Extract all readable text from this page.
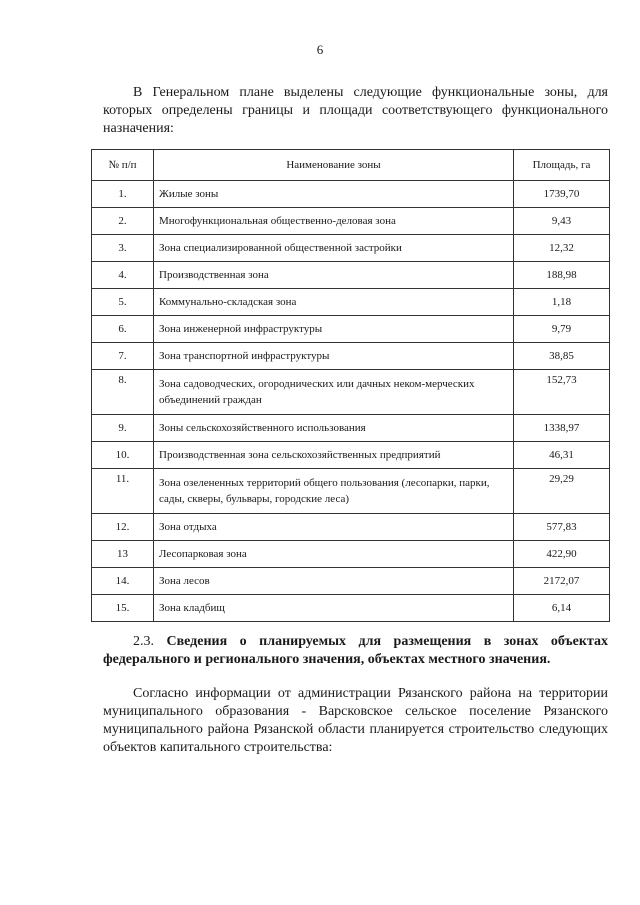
6

В Генеральном плане выделены следующие функциональные зоны, для которых определены границы и площади соответствующего функционального назначения:

№ п/п	Наименование зоны	Площадь, га
1.	Жилые зоны	1739,70
2.	Многофункциональная общественно-деловая зона	9,43
3.	Зона специализированной общественной застройки	12,32
4.	Производственная зона	188,98
5.	Коммунально-складская зона	1,18
6.	Зона инженерной инфраструктуры	9,79
7.	Зона транспортной инфраструктуры	38,85
8.	Зона садоводческих, огороднических или дачных неком-мерческих объединений граждан	152,73
9.	Зоны сельскохозяйственного использования	1338,97
10.	Производственная зона сельскохозяйственных предприятий	46,31
11.	Зона озелененных территорий общего пользования (лесопарки, парки, сады, скверы, бульвары, городские леса)	29,29
12.	Зона отдыха	577,83
13	Лесопарковая зона	422,90
14.	Зона лесов	2172,07
15.	Зона кладбищ	6,14

2.3. Сведения о планируемых для размещения в зонах объектах федерального и регионального значения, объектах местного значения.

Согласно информации от администрации Рязанского района на территории муниципального образования - Варсковское сельское поселение Рязанского муниципального района Рязанской области планируется строительство следующих объектов капитального строительства:
